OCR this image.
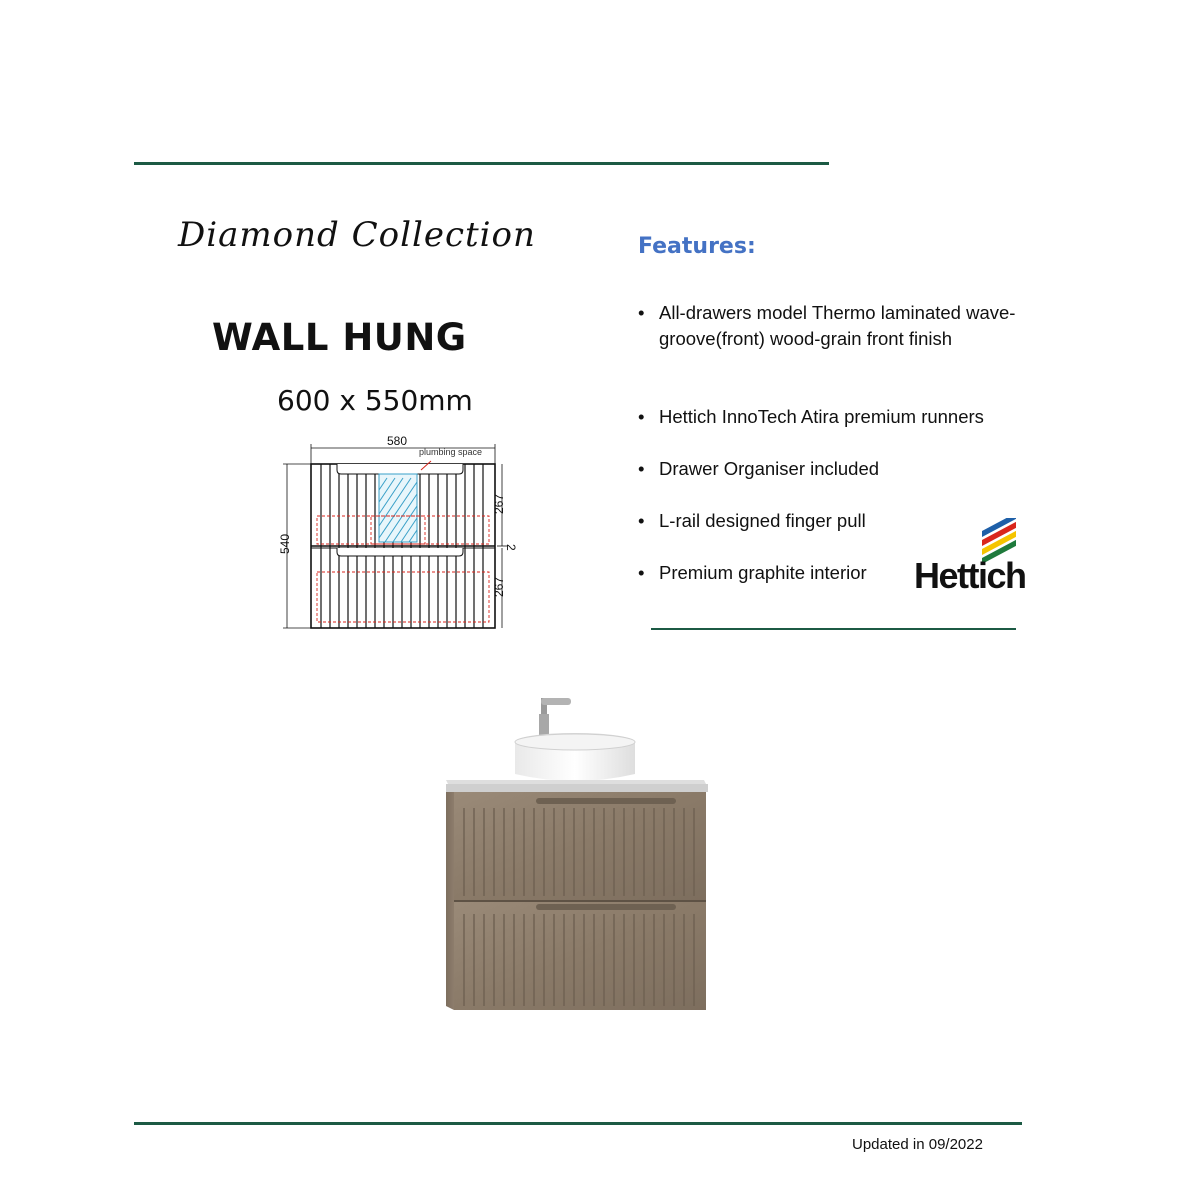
Diamond Collection
WALL HUNG
600 x 550mm
580
plumbing space
540
267
267
2
Features:
• All-drawers model Thermo laminated wave-groove(front) wood-grain front finish
• Hettich InnoTech Atira premium runners
• Drawer Organiser included
• L-rail designed finger pull
• Premium graphite interior	Hettich
Updated in 09/2022
